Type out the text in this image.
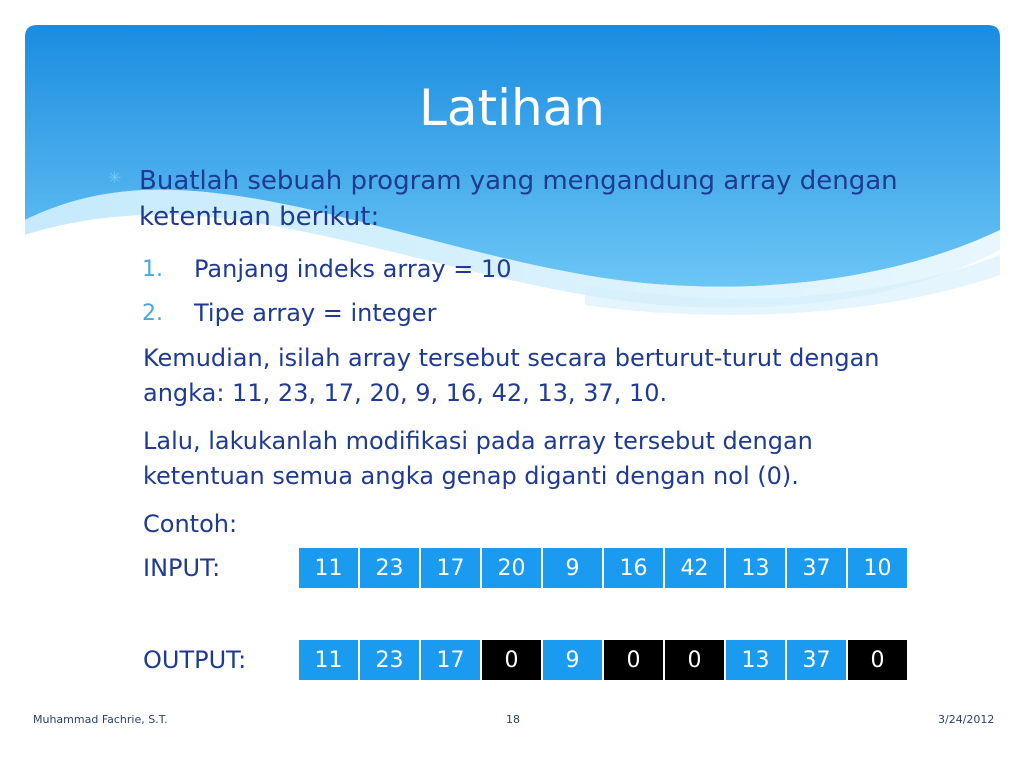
Latihan
✳ Buatlah sebuah program yang mengandung array dengan ketentuan berikut:
1. Panjang indeks array = 10
2. Tipe array = integer
Kemudian, isilah array tersebut secara berturut-turut dengan angka: 11, 23, 17, 20, 9, 16, 42, 13, 37, 10.
Lalu, lakukanlah modifikasi pada array tersebut dengan ketentuan semua angka genap diganti dengan nol (0).
Contoh:
INPUT:	11	23	17	20	9	16	42	13	37	10
OUTPUT:	11	23	17	0	9	0	0	13	37	0
Muhammad Fachrie, S.T.	18	3/24/2012
